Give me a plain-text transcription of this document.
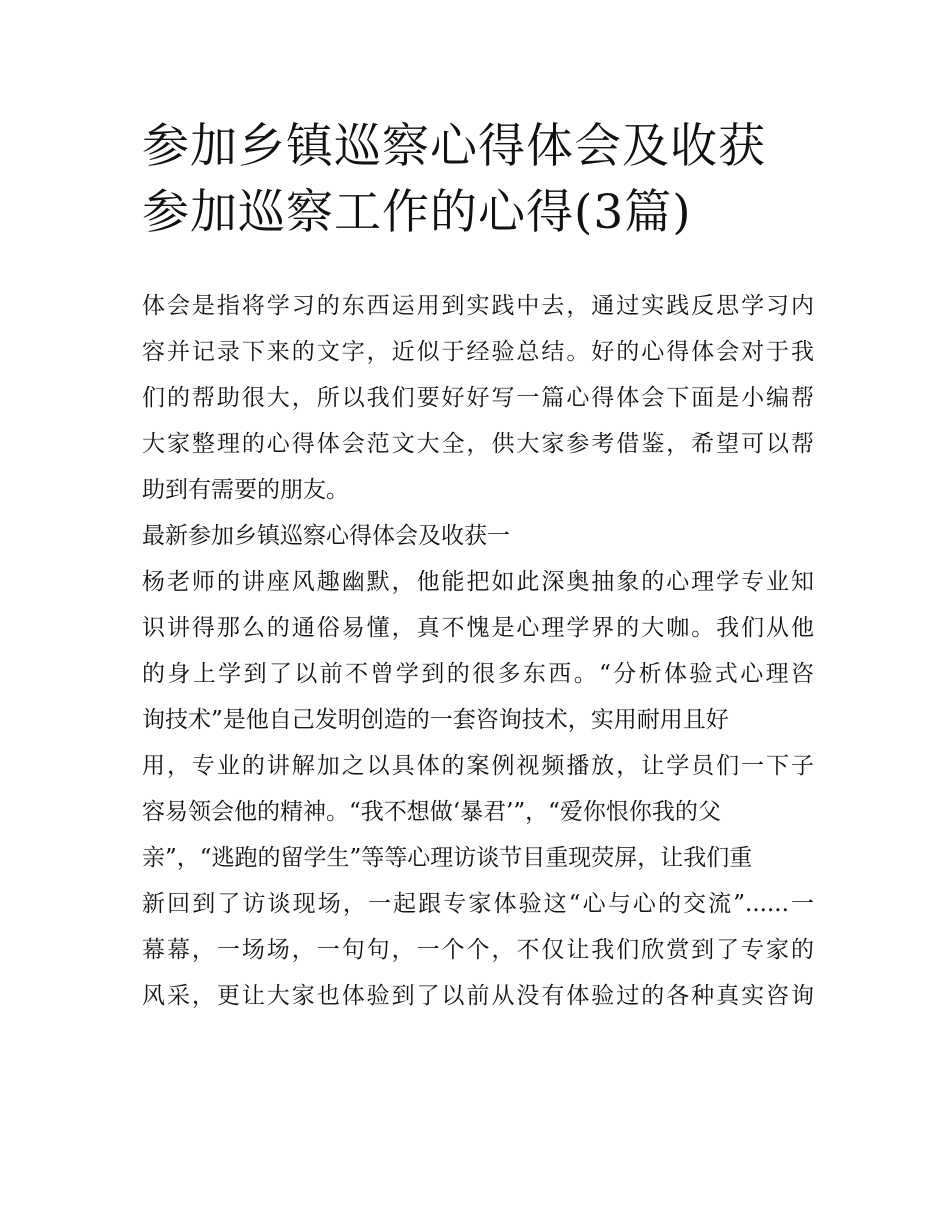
参加乡镇巡察心得体会及收获
参加巡察工作的心得(3篇)
体会是指将学习的东西运用到实践中去，通过实践反思学习内
容并记录下来的文字，近似于经验总结。好的心得体会对于我
们的帮助很大，所以我们要好好写一篇心得体会下面是小编帮
大家整理的心得体会范文大全，供大家参考借鉴，希望可以帮
助到有需要的朋友。
最新参加乡镇巡察心得体会及收获一
杨老师的讲座风趣幽默，他能把如此深奥抽象的心理学专业知
识讲得那么的通俗易懂，真不愧是心理学界的大咖。我们从他
的身上学到了以前不曾学到的很多东西。“分析体验式心理咨
询技术”是他自己发明创造的一套咨询技术，实用耐用且好
用，专业的讲解加之以具体的案例视频播放，让学员们一下子
容易领会他的精神。“我不想做‘暴君’”，“爱你恨你我的父
亲”，“逃跑的留学生”等等心理访谈节目重现荧屏，让我们重
新回到了访谈现场，一起跟专家体验这“心与心的交流”......一
幕幕，一场场，一句句，一个个，不仅让我们欣赏到了专家的
风采，更让大家也体验到了以前从没有体验过的各种真实咨询
